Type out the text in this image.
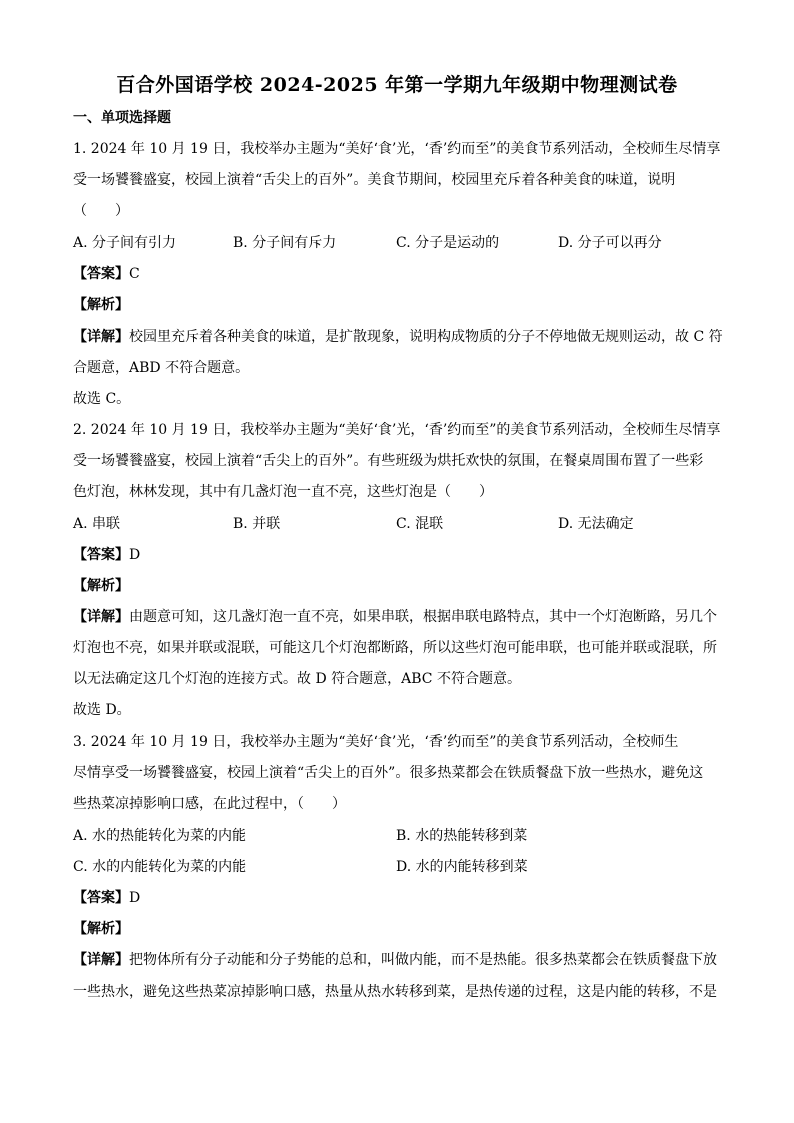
百合外国语学校 2024-2025 年第一学期九年级期中物理测试卷
一、单项选择题
1. 2024 年 10 月 19 日，我校举办主题为“美好‘食’光，‘香’约而至”的美食节系列活动，全校师生尽情享
受一场饕餮盛宴，校园上演着“舌尖上的百外”。美食节期间，校园里充斥着各种美食的味道，说明
（　　）
A. 分子间有引力	B. 分子间有斥力	C. 分子是运动的	D. 分子可以再分
【答案】C
【解析】
【详解】校园里充斥着各种美食的味道，是扩散现象，说明构成物质的分子不停地做无规则运动，故 C 符
合题意，ABD 不符合题意。
故选 C。
2. 2024 年 10 月 19 日，我校举办主题为“美好‘食’光，‘香’约而至”的美食节系列活动，全校师生尽情享
受一场饕餮盛宴，校园上演着“舌尖上的百外”。有些班级为烘托欢快的氛围，在餐桌周围布置了一些彩
色灯泡，林林发现，其中有几盏灯泡一直不亮，这些灯泡是（　　）
A. 串联	B. 并联	C. 混联	D. 无法确定
【答案】D
【解析】
【详解】由题意可知，这几盏灯泡一直不亮，如果串联，根据串联电路特点，其中一个灯泡断路，另几个
灯泡也不亮，如果并联或混联，可能这几个灯泡都断路，所以这些灯泡可能串联，也可能并联或混联，所
以无法确定这几个灯泡的连接方式。故 D 符合题意，ABC 不符合题意。
故选 D。
3. 2024 年 10 月 19 日，我校举办主题为“美好‘食’光，‘香’约而至”的美食节系列活动，全校师生
尽情享受一场饕餮盛宴，校园上演着“舌尖上的百外”。很多热菜都会在铁质餐盘下放一些热水，避免这
些热菜凉掉影响口感，在此过程中，（　　）
A. 水的热能转化为菜的内能	B. 水的热能转移到菜
C. 水的内能转化为菜的内能	D. 水的内能转移到菜
【答案】D
【解析】
【详解】把物体所有分子动能和分子势能的总和，叫做内能，而不是热能。很多热菜都会在铁质餐盘下放
一些热水，避免这些热菜凉掉影响口感，热量从热水转移到菜，是热传递的过程，这是内能的转移，不是
